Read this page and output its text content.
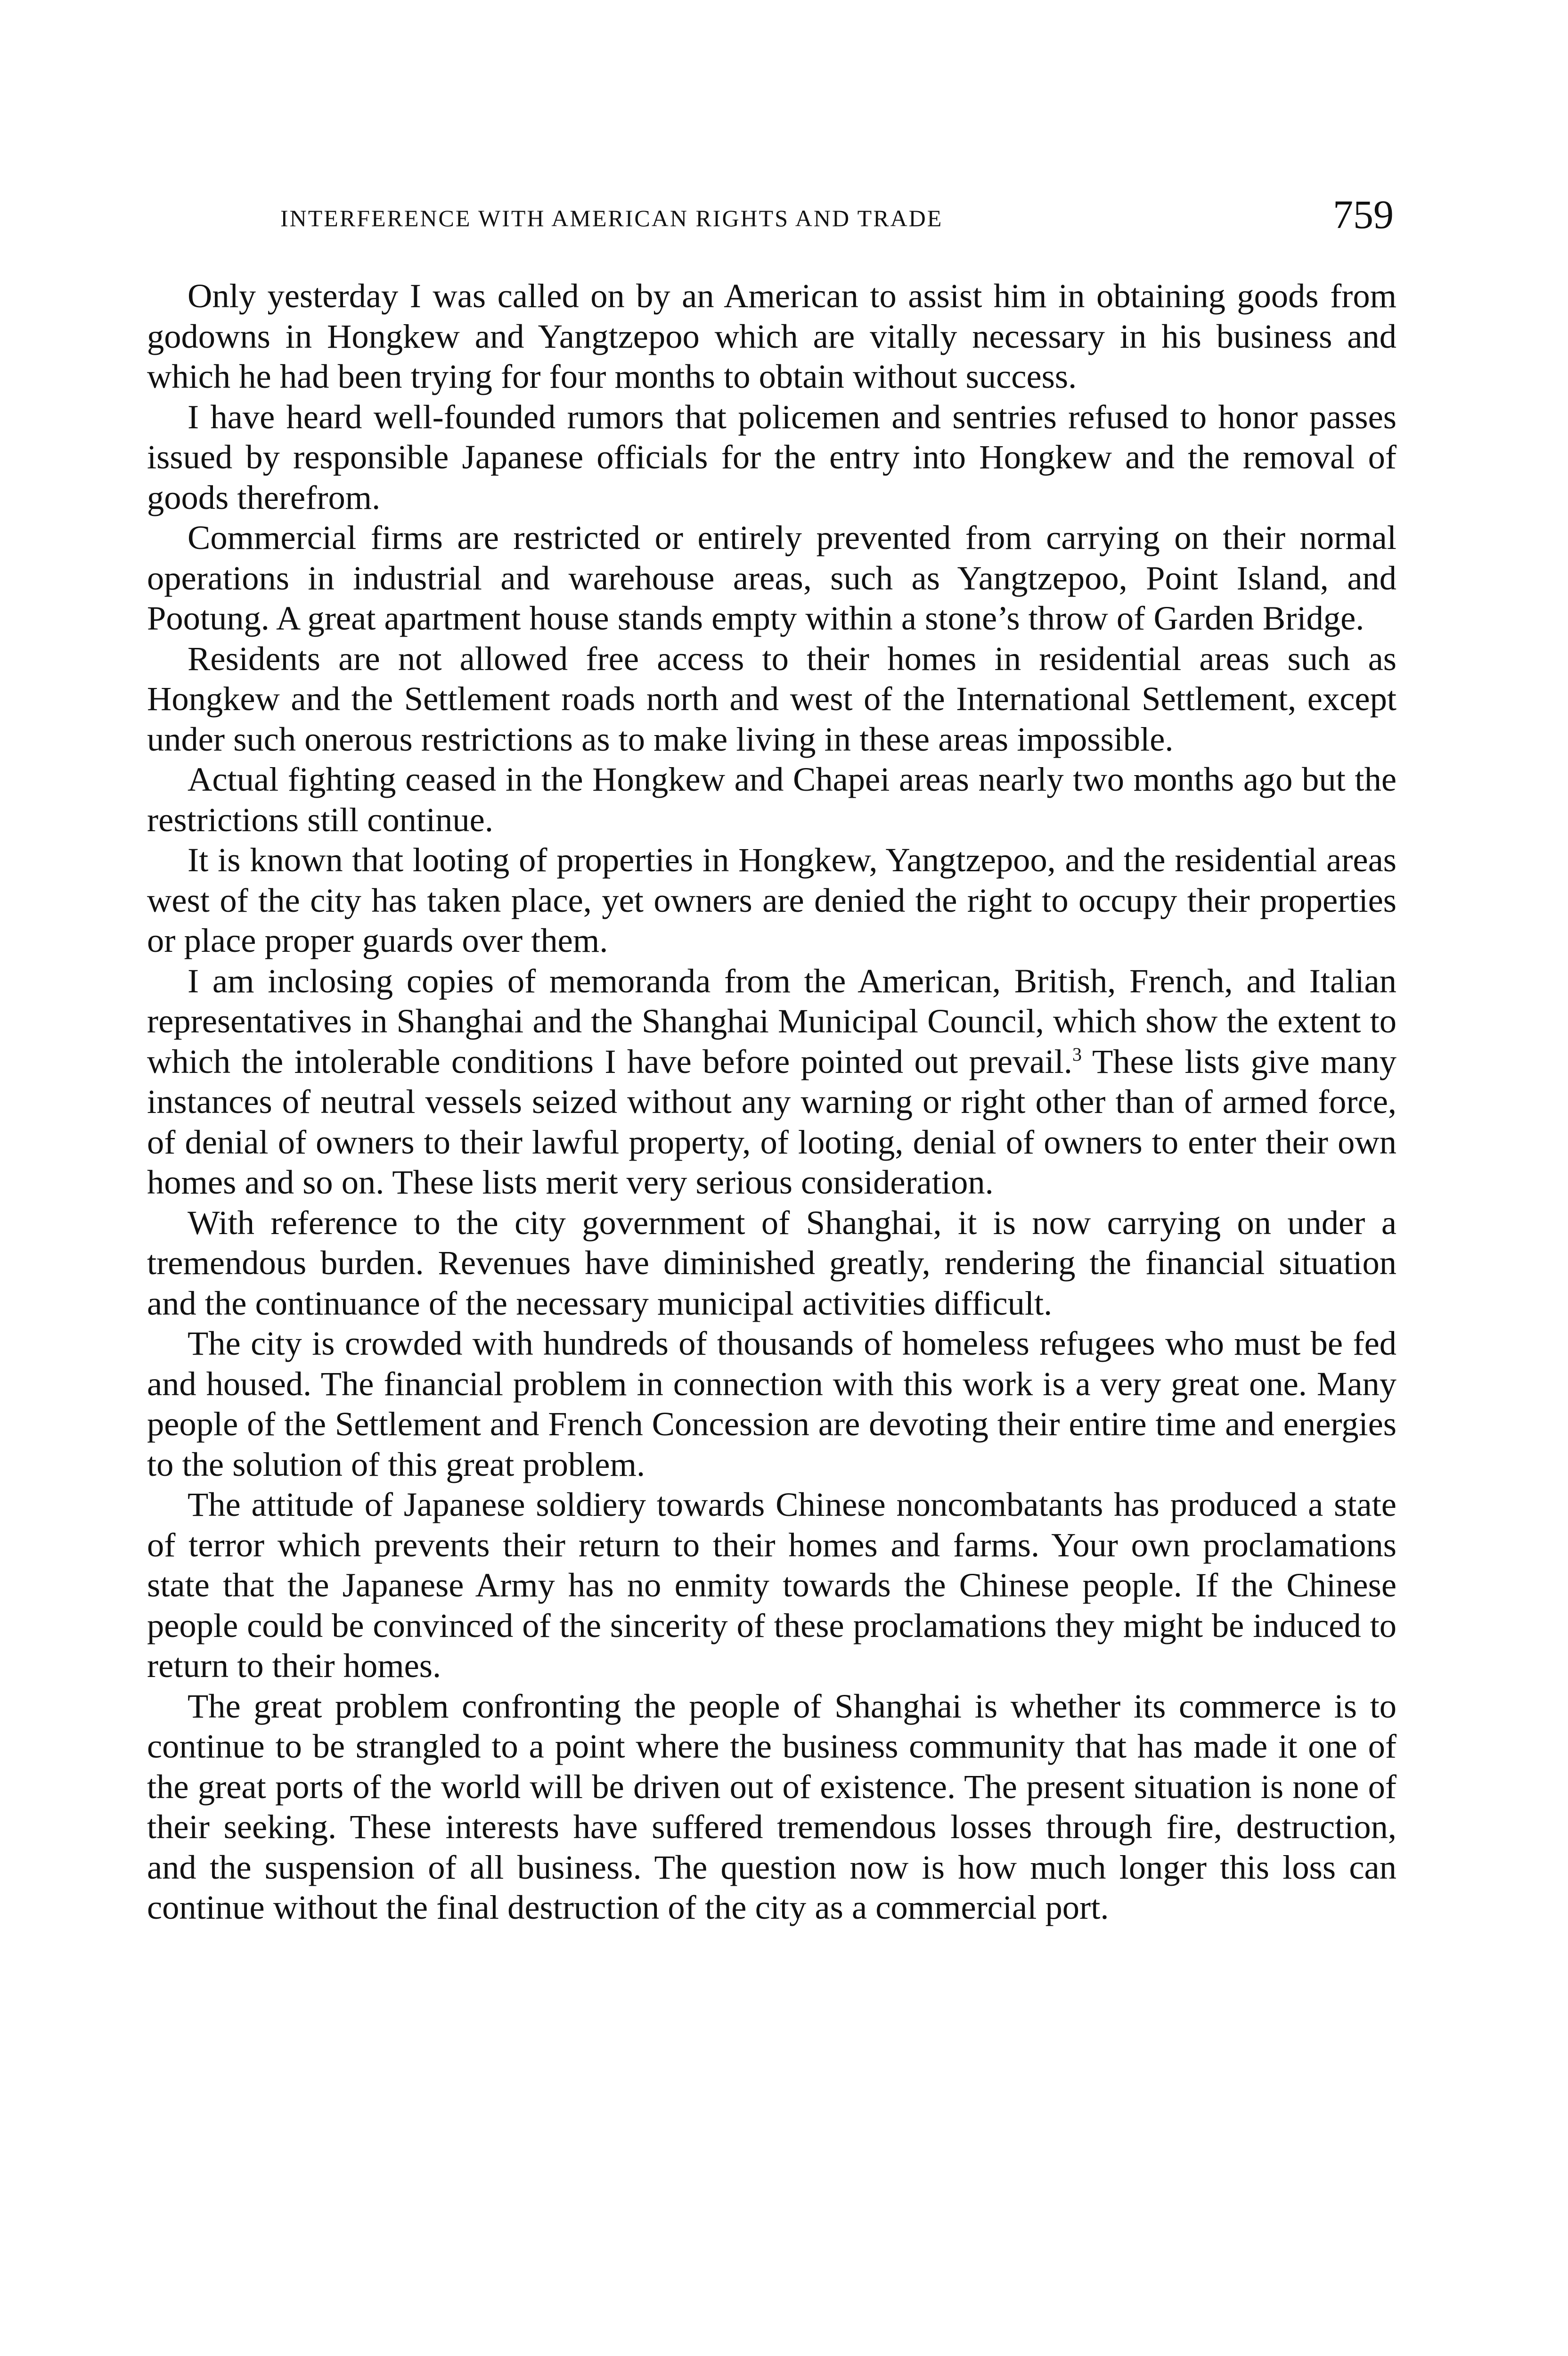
INTERFERENCE WITH AMERICAN RIGHTS AND TRADE	759

Only yesterday I was called on by an American to assist him in obtaining goods from godowns in Hongkew and Yangtzepoo which are vitally necessary in his business and which he had been trying for four months to obtain without success.

I have heard well-founded rumors that policemen and sentries refused to honor passes issued by responsible Japanese officials for the entry into Hongkew and the removal of goods therefrom.

Commercial firms are restricted or entirely prevented from carrying on their normal operations in industrial and warehouse areas, such as Yangtzepoo, Point Island, and Pootung. A great apartment house stands empty within a stone’s throw of Garden Bridge.

Residents are not allowed free access to their homes in residential areas such as Hongkew and the Settlement roads north and west of the International Settlement, except under such onerous restrictions as to make living in these areas impossible.

Actual fighting ceased in the Hongkew and Chapei areas nearly two months ago but the restrictions still continue.

It is known that looting of properties in Hongkew, Yangtzepoo, and the residential areas west of the city has taken place, yet owners are denied the right to occupy their properties or place proper guards over them.

I am inclosing copies of memoranda from the American, British, French, and Italian representatives in Shanghai and the Shanghai Municipal Council, which show the extent to which the intolerable conditions I have before pointed out prevail.$^3$ These lists give many instances of neutral vessels seized without any warning or right other than of armed force, of denial of owners to their lawful property, of looting, denial of owners to enter their own homes and so on. These lists merit very serious consideration.

With reference to the city government of Shanghai, it is now carrying on under a tremendous burden. Revenues have diminished greatly, rendering the financial situation and the continuance of the necessary municipal activities difficult.

The city is crowded with hundreds of thousands of homeless refugees who must be fed and housed. The financial problem in connection with this work is a very great one. Many people of the Settlement and French Concession are devoting their entire time and energies to the solution of this great problem.

The attitude of Japanese soldiery towards Chinese noncombatants has produced a state of terror which prevents their return to their homes and farms. Your own proclamations state that the Japanese Army has no enmity towards the Chinese people. If the Chinese people could be convinced of the sincerity of these proclamations they might be induced to return to their homes.

The great problem confronting the people of Shanghai is whether its commerce is to continue to be strangled to a point where the business community that has made it one of the great ports of the world will be driven out of existence. The present situation is none of their seeking. These interests have suffered tremendous losses through fire, destruction, and the suspension of all business. The question now is how much longer this loss can continue without the final destruction of the city as a commercial port.
